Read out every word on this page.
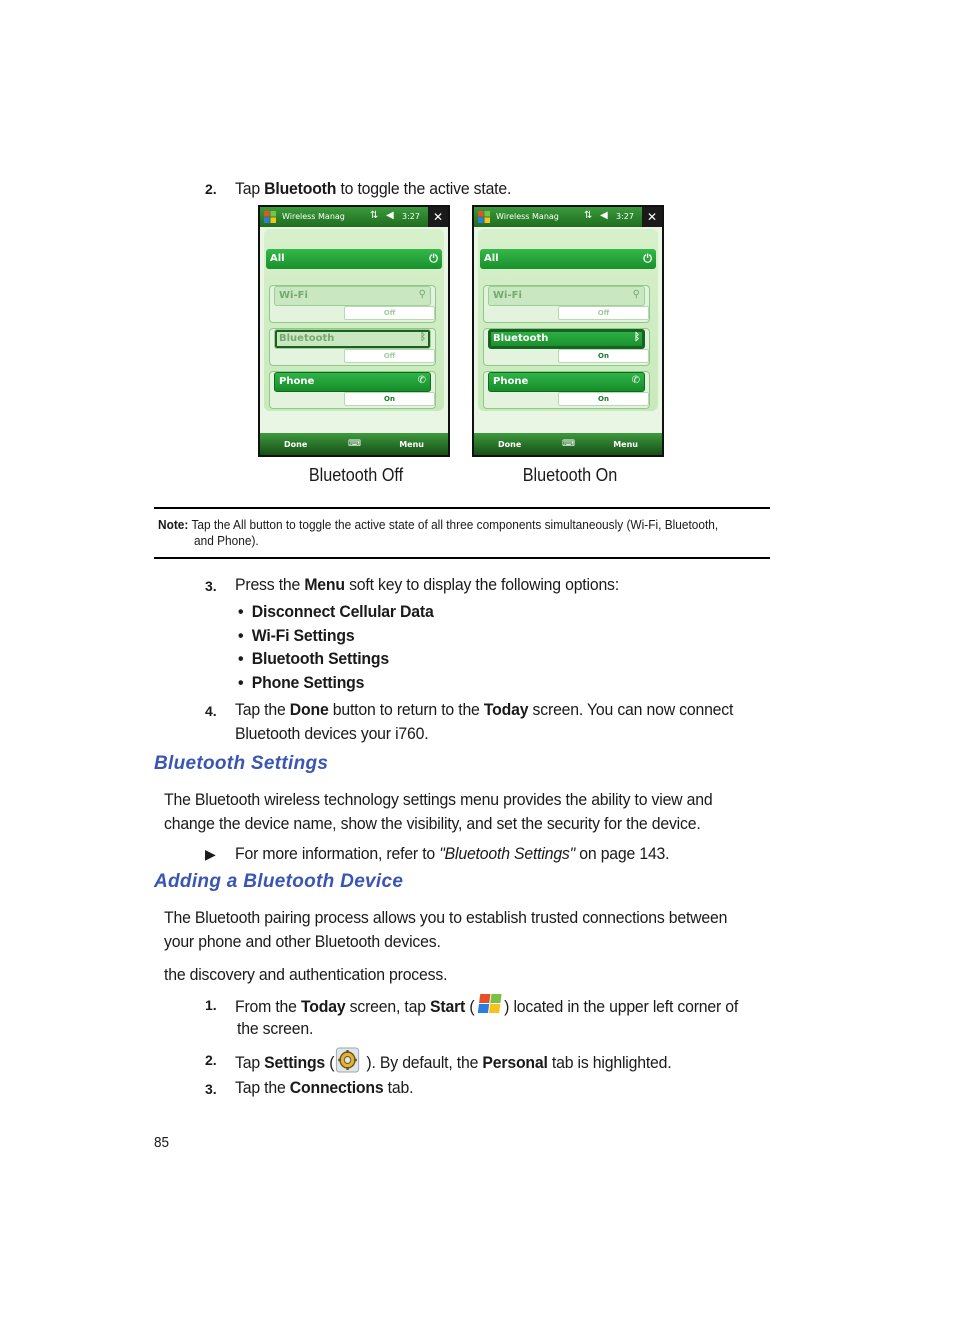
2. Tap Bluetooth to toggle the active state.
Wireless Manag	⇅ ◀ 3:27	✕
All	⏻
Wi-Fi	⚲
Off
Bluetooth	ᛒ
Off
Phone	✆
On
Done	⌨	Menu
Wireless Manag	⇅ ◀ 3:27	✕
All	⏻
Wi-Fi	⚲
Off
Bluetooth	ᛒ
On
Phone	✆
On
Done	⌨	Menu
Bluetooth Off	Bluetooth On
Note: Tap the All button to toggle the active state of all three components simultaneously (Wi-Fi, Bluetooth,
and Phone).
3. Press the Menu soft key to display the following options:
•  Disconnect Cellular Data
•  Wi-Fi Settings
•  Bluetooth Settings
•  Phone Settings
4. Tap the Done button to return to the Today screen. You can now connect
Bluetooth devices your i760.
Bluetooth Settings
The Bluetooth wireless technology settings menu provides the ability to view and
change the device name, show the visibility, and set the security for the device.
▶ For more information, refer to "Bluetooth Settings" on page 143.
Adding a Bluetooth Device
The Bluetooth pairing process allows you to establish trusted connections between
your phone and other Bluetooth devices.
the discovery and authentication process.
1. From the Today screen, tap Start ( ) located in the upper left corner of
the screen.
2. Tap Settings ( ). By default, the Personal tab is highlighted.
3. Tap the Connections tab.
85
